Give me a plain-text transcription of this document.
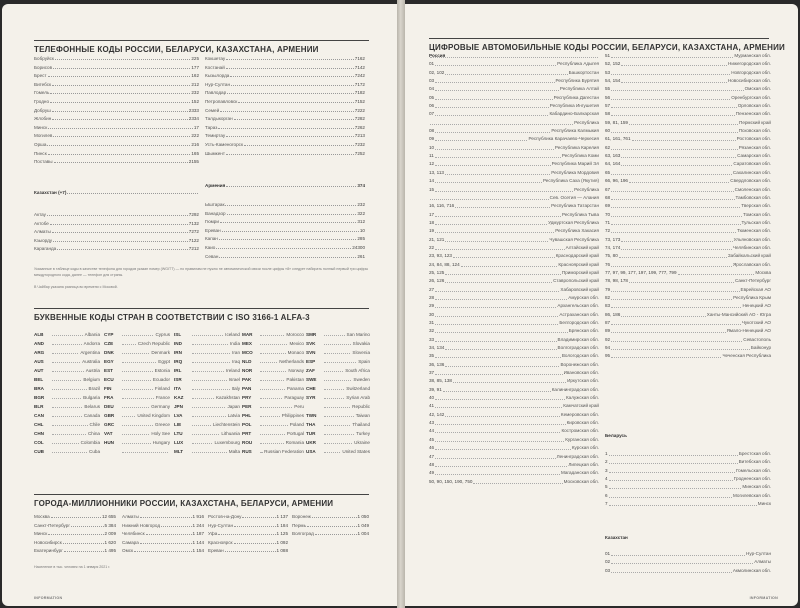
ТЕЛЕФОННЫЕ КОДЫ РОССИИ, БЕЛАРУСИ, КАЗАХСТАНА, АРМЕНИИ
Бобруйск	225
Борисов	177
Брест	162
Витебск	212
Гомель	232
Гродно	152
Добруш	2333
Жлобин	2334
Минск	17
Могилев	222
Орша	216
Пинск	165
Поставы	2155
Казахстан (+7)
Актау	7292
Актобе	7132
Алматы	7272
Кзыорду	7122
Караганда	7212
Кокшетау	7162
Костанай	7142
Кызылорда	7242
Нур-Султан	7172
Павлодар	7182
Петропавловск	7152
Семей	7222
Талдыкорган	7282
Тараз	7262
Темиртау	7213
Усть-Каменогорск	7232
Шымкент	7252
Армения	374
Ыштарак	232
Ванадзор	322
Гюмри	312
Ереван	10
Капан	285
Каиo	24300
Севан	261
Указанные в таблице коды в качестве телефона для городов указан номер (WGITT) — по правилам не нужно не автоматической связи после цифры «8» следует набирать полный первый три цифры междугородного кода, далее — телефон для страны.
В Чайбар указана разница во времени с Москвой.
БУКВЕННЫЕ КОДЫ СТРАН В СООТВЕТСТВИИ С ISO 3166-1 ALFA-3
ALB	Albania
AND	Andorra
ARG	Argentina
AUS	Australia
AUT	Austria
BEL	Belgium
BRA	Brazil
BGR	Bulgaria
BLR	Belarus
CAN	Canada
CHL	Chile
CHN	China
COL	Colombia
CUB	Cuba
CYP	Cyprus
CZE	Czech Republic
DNK	Denmark
EGY	Egypt
EST	Estonia
ECU	Ecuador
FIN	Finland
FRA	France
DEU	Germany
GBR	United Kingdom
GRC	Greece
VAT	Holy See
HUN	Hungary
ISL	Iceland
IND	India
IRN	Iran
IRQ	Iraq
IRL	Ireland
ISR	Israel
ITA	Italy
KAZ	Kazakhstan
JPN	Japan
LVA	Latvia
LIE	Liechtenstein
LTU	Lithuania
LUX	Luxembourg
MLT	Malta
MAR	Morocco
MEX	Mexico
MCO	Monaco
NLD	Netherlands
NOR	Norway
PAK	Pakistan
PAN	Panama
PRY	Paraguay
PER	Peru
PHL	Philippines
POL	Poland
PRT	Portugal
ROU	Romania
RUS	Russian Federation
SMR	San Marino
SVK	Slovakia
SVN	Slovenia
ESP	Spain
ZAF	South Africa
SWE	Sweden
CHE	Switzerland
SYR	Syrian Arab
Republic
TWN	Taiwan
THA	Thailand
TUR	Turkey
UKR	Ukraine
USA	United States
ГОРОДА-МИЛЛИОННИКИ РОССИИ, КАЗАХСТАНА, БЕЛАРУСИ, АРМЕНИИ
Москва	12 655
Санкт-Петербург	5 384
Минск	2 009
Новосибирск	1 620
Екатеринбург	1 495
Алматы	1 916
Нижний Новгород	1 244
Челябинск	1 187
Самара	1 144
Омск	1 154
Ростов-на-Дону	1 137
Нур-Султан	1 184
Уфа	1 125
Красноярск	1 092
Ереван	1 088
Воронеж	1 050
Пермь	1 049
Волгоград	1 004
Население в тыс. человек на 1 января 2021 г.
INFORMATION
ЦИФРОВЫЕ АВТОМОБИЛЬНЫЕ КОДЫ РОССИИ, БЕЛАРУСИ, КАЗАХСТАНА, АРМЕНИИ
Россия
01	Республика Адыгея
02, 102	Башкортостан
03	Республика Бурятия
04	Республика Алтай
05	Республика Дагестан
06	Республика Ингушетия
07	Кабардино-Балкарская
Республика
08	Республика Калмыкия
09	Республика Карачаево-Черкесия
10	Республика Карелия
11	Республика Коми
12	Республика Марий Эл
13, 113	Республика Мордовия
14	Республика Саха (Якутия)
15	Республика
Сев. Осетия — Алания
16, 116, 716	Республика Татарстан
17	Республика Тыва
18	Удмуртская Республика
19	Республика Хакасия
21, 121	Чувашская Республика
22	Алтайский край
23, 93, 123	Краснодарский край
24, 84, 88, 124	Красноярский край
25, 125	Приморский край
26, 126	Ставропольский край
27	Хабаровский край
28	Амурская обл.
29	Архангельская обл.
30	Астраханская обл.
31	Белгородская обл.
32	Брянская обл.
33	Владимирская обл.
34, 134	Волгоградская обл.
35	Вологодская обл.
36, 136	Воронежская обл.
37	Ивановская обл.
38, 85, 138	Иркутская обл.
39, 91	Калининградская обл.
40	Калужская обл.
41	Камчатский край
42, 142	Кемеровская обл.
43	Кировская обл.
44	Костромская обл.
45	Курганская обл.
46	Курская обл.
47	Ленинградская обл.
48	Липецкая обл.
49	Магаданская обл.
50, 90, 150, 190, 750	Московская обл.
51	Мурманская обл.
52, 152	Нижегородская обл.
53	Новгородская обл.
54, 154	Новосибирская обл.
55	Омская обл.
56	Оренбургская обл.
57	Орловская обл.
58	Пензенская обл.
59, 81, 159	Пермский край
60	Псковская обл.
61, 161, 761	Ростовская обл.
62	Рязанская обл.
63, 163	Самарская обл.
64, 164	Саратовская обл.
65	Сахалинская обл.
66, 96, 196	Свердловская обл.
67	Смоленская обл.
68	Тамбовская обл.
69	Тверская обл.
70	Томская обл.
71	Тульская обл.
72	Тюменская обл.
73, 173	Ульяновская обл.
74, 174	Челябинская обл.
75, 80	Забайкальский край
76	Ярославская обл.
77, 97, 99, 177, 197, 199, 777, 799	Москва
78, 98, 178	Санкт-Петербург
79	Еврейская АО
82	Республика Крым
83	Ненецкий АО
86, 186	Ханты-Мансийский АО - Югра
87	Чукотский АО
89	Ямало-Ненецкий АО
92	Севастополь
94	Байконур
95	Чеченская Республика
Беларусь
1	Брестская обл.
2	Витебская обл.
3	Гомельская обл.
4	Гродненская обл.
5	Минская обл.
6	Могилевская обл.
7	Минск
Казахстан
01	Нур-Султан
02	Алматы
03	Акмолинская обл.
INFORMATION
